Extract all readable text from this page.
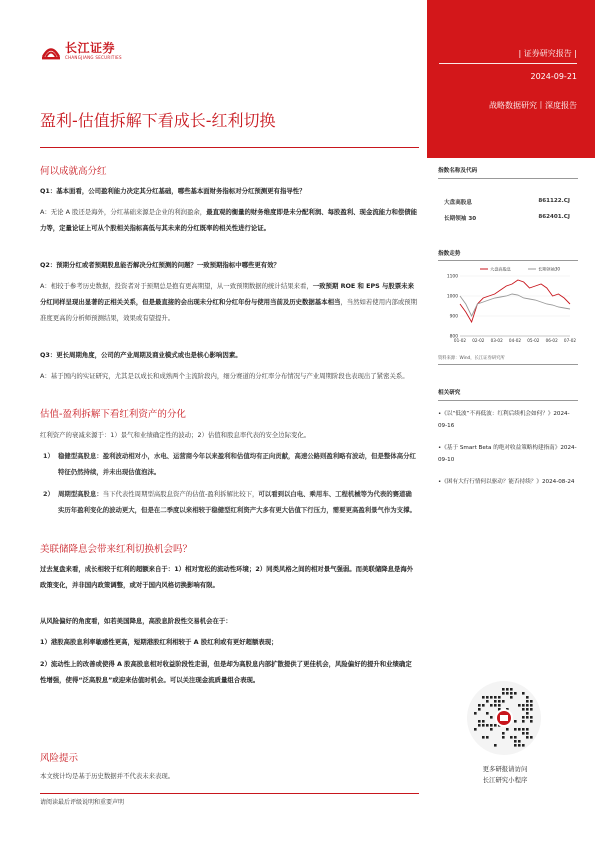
长江证券
CHANGJIANG SECURITIES	| 证券研究报告 |
2024-09-21
战略数据研究丨深度报告
盈利-估值拆解下看成长-红利切换
何以成就高分红
Q1：基本面看，公司盈利能力决定其分红基础，哪些基本面财务指标对分红预测更有指导性？
A：无论 A 股还是海外，分红基础来源是企业的利润盈余，最直观的衡量的财务维度即是未分配利润、每股盈利、现金流能力和偿债能力等，定量论证上可从个股相关指标高低与其未来的分红既率的相关性进行论证。
Q2：预期分红或者预期股息能否解决分红预测的问题？一致预期指标中哪些更有效？
A：相较于参考历史数据，投资者对于预期总是抱有更高期望，从一致预期数据的统计结果来看，一致预期 ROE 和 EPS 与股票未来分红同样呈现出显著的正相关关系，但是最直接的会出现未分红和分红年份与使用当前及历史数据基本相当，当然如若使用内部或预期准度更高的分析师预测结果，效果或有望提升。
Q3：更长周期角度，公司的产业周期及商业模式或也是核心影响因素。
A：基于国内的实证研究，尤其是以成长和成熟两个主流阶段内，细分赛道的分红率分布情况与产业周期阶段也表现出了紧密关系。
估值-盈利拆解下看红利资产的分化
红利资产的衰减来源于：1）景气和业绩确定性的波动；2）估值和股息率代表的安全边际变化。
1） 稳健型高股息：盈利波动相对小，水电、运营商今年以来盈利和估值均有正向贡献，高速公路则盈利略有波动，但是整体高分红特征仍然持续，并未出现估值泡沫。
2） 周期型高股息：当下代表性周期型高股息资产的估值-盈利拆解比较下，可以看到以白电、乘用车、工程机械等为代表的赛道确实历年盈利变化的波动更大，但是在二季度以来相较于稳健型红利资产大多有更大估值下行压力，需要更高盈利景气作为支撑。
美联储降息会带来红利切换机会吗？
过去复盘来看，成长相较于红利的超额来自于：1）相对宽松的流动性环境；2）同类风格之间的相对景气强弱。而美联储降息是海外政策变化，并非国内政策调整，或对于国内风格切换影响有限。
从风险偏好的角度看，如若美国降息，高股息阶段性交易机会在于：
1）港股高股息利率敏感性更高，短期港股红利相较于 A 股红利或有更好超额表现；
2）流动性上的改善或使得 A 股高股息相对收益阶段性走弱，但是却为高股息内部扩散提供了更佳机会，风险偏好的提升和业绩确定性增强，使得“泛高股息”或迎来估值时机会。可以关注现金流质量组合表现。
风险提示
本文统计均是基于历史数据并不代表未来表现。
指数名称及代码
大盘高股息	861122.CJ
长期领袖 30	862401.CJ
指数走势
800
900
1000
1100
01-02 02-02 03-02 04-02 05-02 06-02 07-02
大盘高股息	长期领袖30
资料来源：Wind，长江证券研究所
相关研究
•《以“低波”不再低波：红利后续机会如何？》2024-09-16
•《基于 Smart Beta 的绝对收益策略构建指南》2024-09-10
•《困有大行行情何以驱动？能否持续？》2024-08-24
更多研报请访问
长江研究小程序
请阅读最后评级说明和重要声明
